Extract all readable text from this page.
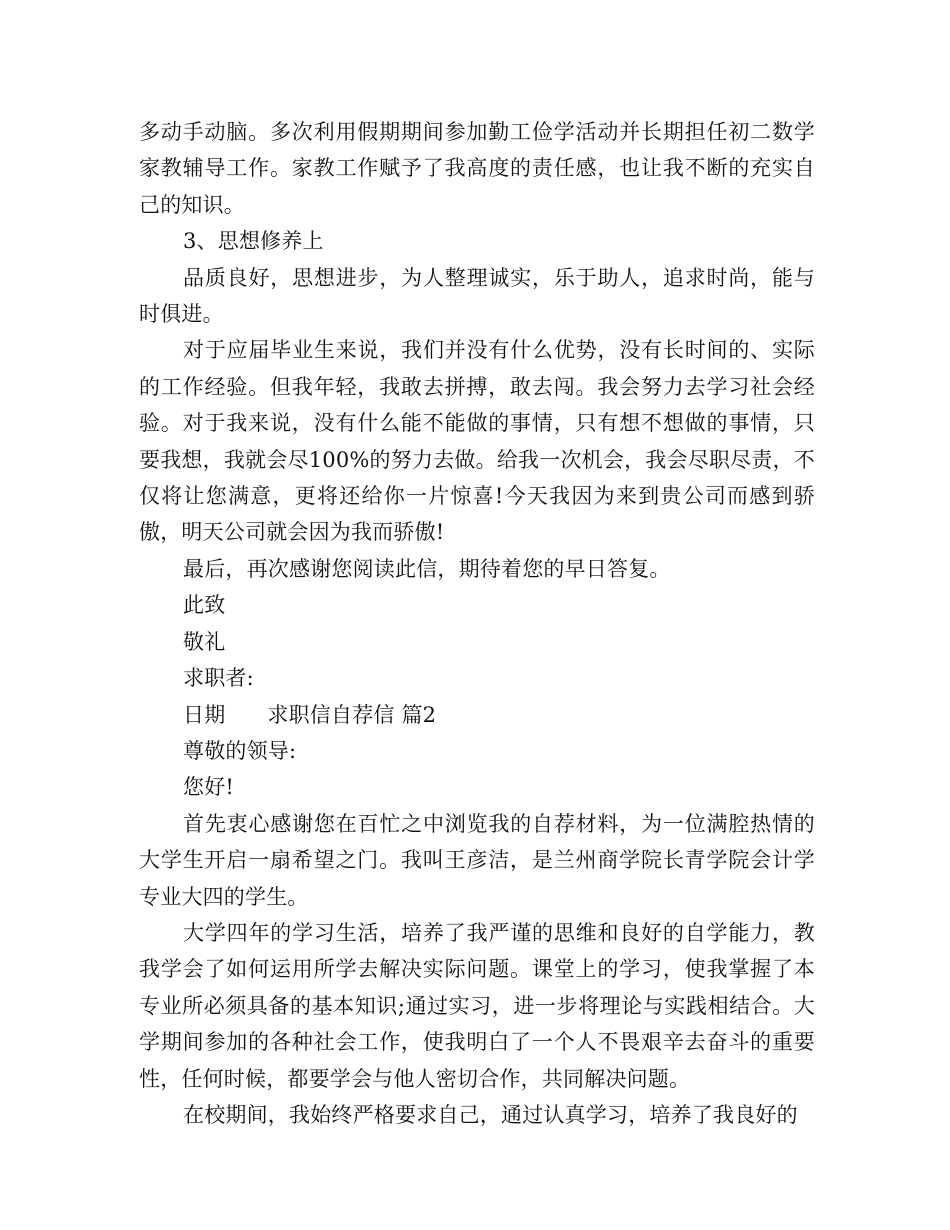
多动手动脑。多次利用假期期间参加勤工俭学活动并长期担任初二数学家教辅导工作。家教工作赋予了我高度的责任感，也让我不断的充实自己的知识。

3、思想修养上

品质良好，思想进步，为人整理诚实，乐于助人，追求时尚，能与时俱进。

对于应届毕业生来说，我们并没有什么优势，没有长时间的、实际的工作经验。但我年轻，我敢去拼搏，敢去闯。我会努力去学习社会经验。对于我来说，没有什么能不能做的事情，只有想不想做的事情，只要我想，我就会尽100%的努力去做。给我一次机会，我会尽职尽责，不仅将让您满意，更将还给你一片惊喜!今天我因为来到贵公司而感到骄傲，明天公司就会因为我而骄傲!

最后，再次感谢您阅读此信，期待着您的早日答复。

此致

敬礼

求职者:

日期 求职信自荐信 篇2

尊敬的领导:

您好!

首先衷心感谢您在百忙之中浏览我的自荐材料，为一位满腔热情的大学生开启一扇希望之门。我叫王彦洁，是兰州商学院长青学院会计学专业大四的学生。

大学四年的学习生活，培养了我严谨的思维和良好的自学能力，教我学会了如何运用所学去解决实际问题。课堂上的学习，使我掌握了本专业所必须具备的基本知识;通过实习，进一步将理论与实践相结合。大学期间参加的各种社会工作，使我明白了一个人不畏艰辛去奋斗的重要性，任何时候，都要学会与他人密切合作，共同解决问题。

在校期间，我始终严格要求自己，通过认真学习，培养了我良好的
